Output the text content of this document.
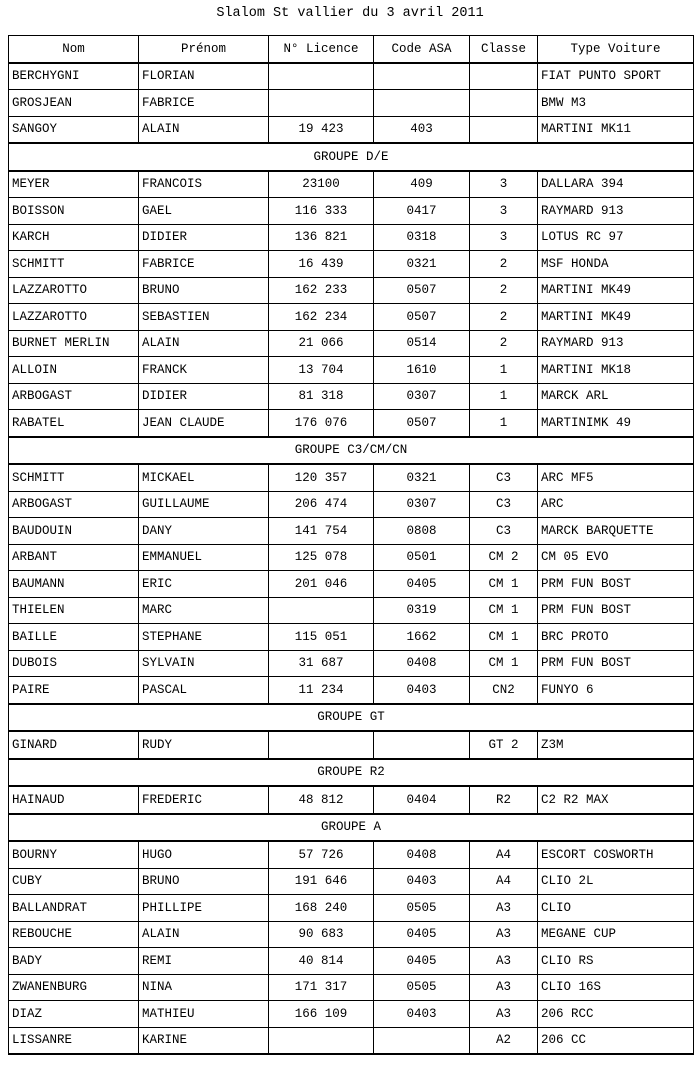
Slalom St vallier du 3 avril 2011
Nom	Prénom	N° Licence	Code ASA	Classe	Type Voiture
BERCHYGNI	FLORIAN				FIAT PUNTO SPORT
GROSJEAN	FABRICE				BMW M3
SANGOY	ALAIN	19 423	403		MARTINI MK11
GROUPE D/E					
MEYER	FRANCOIS	23100	409	3	DALLARA 394
BOISSON	GAEL	116 333	0417	3	RAYMARD 913
KARCH	DIDIER	136 821	0318	3	LOTUS RC 97
SCHMITT	FABRICE	16 439	0321	2	MSF HONDA
LAZZAROTTO	BRUNO	162 233	0507	2	MARTINI MK49
LAZZAROTTO	SEBASTIEN	162 234	0507	2	MARTINI MK49
BURNET MERLIN	ALAIN	21 066	0514	2	RAYMARD 913
ALLOIN	FRANCK	13 704	1610	1	MARTINI MK18
ARBOGAST	DIDIER	81 318	0307	1	MARCK ARL
RABATEL	JEAN CLAUDE	176 076	0507	1	MARTINIMK 49
GROUPE C3/CM/CN					
SCHMITT	MICKAEL	120 357	0321	C3	ARC MF5
ARBOGAST	GUILLAUME	206 474	0307	C3	ARC
BAUDOUIN	DANY	141 754	0808	C3	MARCK BARQUETTE
ARBANT	EMMANUEL	125 078	0501	CM 2	CM 05 EVO
BAUMANN	ERIC	201 046	0405	CM 1	PRM FUN BOST
THIELEN	MARC		0319	CM 1	PRM FUN BOST
BAILLE	STEPHANE	115 051	1662	CM 1	BRC PROTO
DUBOIS	SYLVAIN	31 687	0408	CM 1	PRM FUN BOST
PAIRE	PASCAL	11 234	0403	CN2	FUNYO 6
GROUPE GT					
GINARD	RUDY			GT 2	Z3M
GROUPE R2					
HAINAUD	FREDERIC	48 812	0404	R2	C2 R2 MAX
GROUPE A					
BOURNY	HUGO	57 726	0408	A4	ESCORT COSWORTH
CUBY	BRUNO	191 646	0403	A4	CLIO 2L
BALLANDRAT	PHILLIPE	168 240	0505	A3	CLIO
REBOUCHE	ALAIN	90 683	0405	A3	MEGANE CUP
BADY	REMI	40 814	0405	A3	CLIO RS
ZWANENBURG	NINA	171 317	0505	A3	CLIO 16S
DIAZ	MATHIEU	166 109	0403	A3	206 RCC
LISSANRE	KARINE			A2	206 CC
